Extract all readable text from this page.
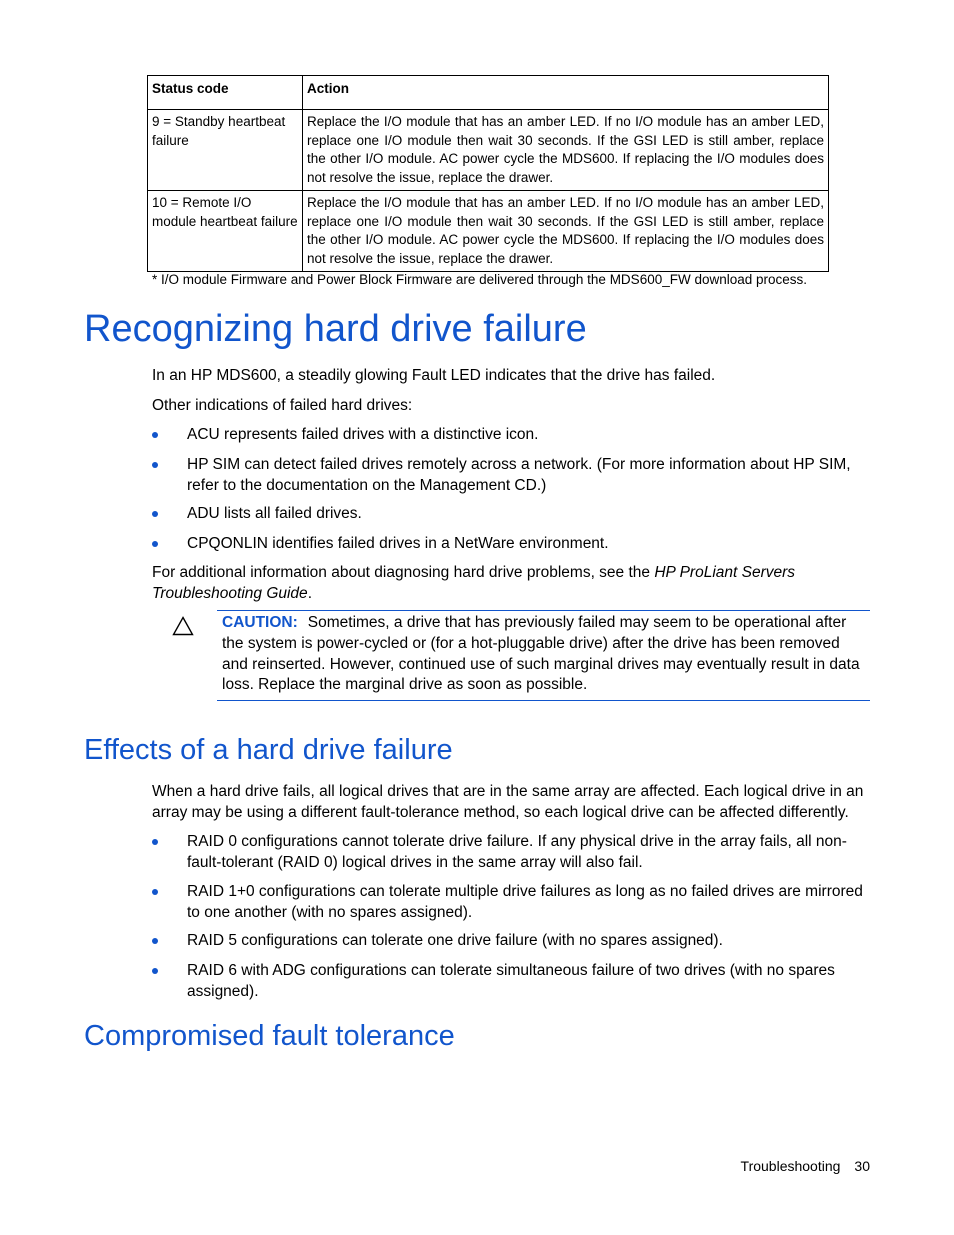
Status code	Action
9 = Standby heartbeat failure	Replace the I/O module that has an amber LED. If no I/O module has an amber LED, replace one I/O module then wait 30 seconds. If the GSI LED is still amber, replace the other I/O module. AC power cycle the MDS600. If replacing the I/O modules does not resolve the issue, replace the drawer.
10 = Remote I/O module heartbeat failure	Replace the I/O module that has an amber LED. If no I/O module has an amber LED, replace one I/O module then wait 30 seconds. If the GSI LED is still amber, replace the other I/O module. AC power cycle the MDS600. If replacing the I/O modules does not resolve the issue, replace the drawer.
* I/O module Firmware and Power Block Firmware are delivered through the MDS600_FW download process.
Recognizing hard drive failure
In an HP MDS600, a steadily glowing Fault LED indicates that the drive has failed.
Other indications of failed hard drives:
ACU represents failed drives with a distinctive icon.
HP SIM can detect failed drives remotely across a network. (For more information about HP SIM, refer to the documentation on the Management CD.)
ADU lists all failed drives.
CPQONLIN identifies failed drives in a NetWare environment.
For additional information about diagnosing hard drive problems, see the HP ProLiant Servers Troubleshooting Guide.
CAUTION: Sometimes, a drive that has previously failed may seem to be operational after the system is power-cycled or (for a hot-pluggable drive) after the drive has been removed and reinserted. However, continued use of such marginal drives may eventually result in data loss. Replace the marginal drive as soon as possible.
Effects of a hard drive failure
When a hard drive fails, all logical drives that are in the same array are affected. Each logical drive in an array may be using a different fault-tolerance method, so each logical drive can be affected differently.
RAID 0 configurations cannot tolerate drive failure. If any physical drive in the array fails, all non-fault-tolerant (RAID 0) logical drives in the same array will also fail.
RAID 1+0 configurations can tolerate multiple drive failures as long as no failed drives are mirrored to one another (with no spares assigned).
RAID 5 configurations can tolerate one drive failure (with no spares assigned).
RAID 6 with ADG configurations can tolerate simultaneous failure of two drives (with no spares assigned).
Compromised fault tolerance
Troubleshooting 30
